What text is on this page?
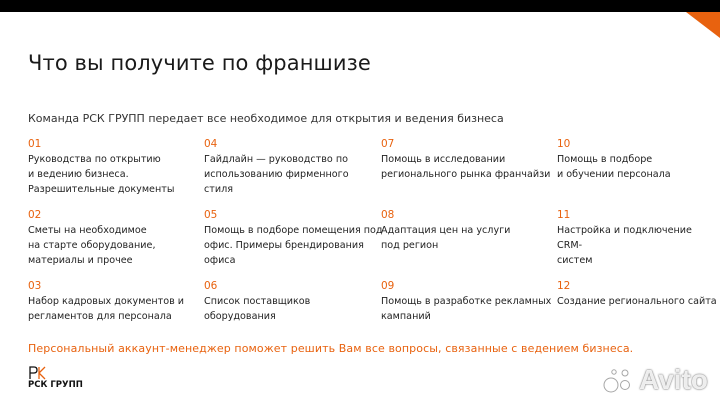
Что вы получите по франшизе
Команда РСК ГРУПП передает все необходимое для открытия и ведения бизнеса
01
Руководства по открытию
и ведению бизнеса.
Разрешительные документы
02
Сметы на необходимое
на старте оборудование,
материалы и прочее
03
Набор кадровых документов и
регламентов для персонала
04
Гайдлайн — руководство по
использованию фирменного
стиля
05
Помощь в подборе помещения под
офис. Примеры брендирования
офиса
06
Список поставщиков
оборудования
07
Помощь в исследовании
регионального рынка франчайзи
08
Адаптация цен на услуги
под регион
09
Помощь в разработке рекламных
кампаний
10
Помощь в подборе
и обучении персонала
11
Настройка и подключение CRM-
систем
12
Создание регионального сайта
Персональный аккаунт-менеджер поможет решить Вам все вопросы, связанные с ведением бизнеса.
РСК ГРУПП	Avito
